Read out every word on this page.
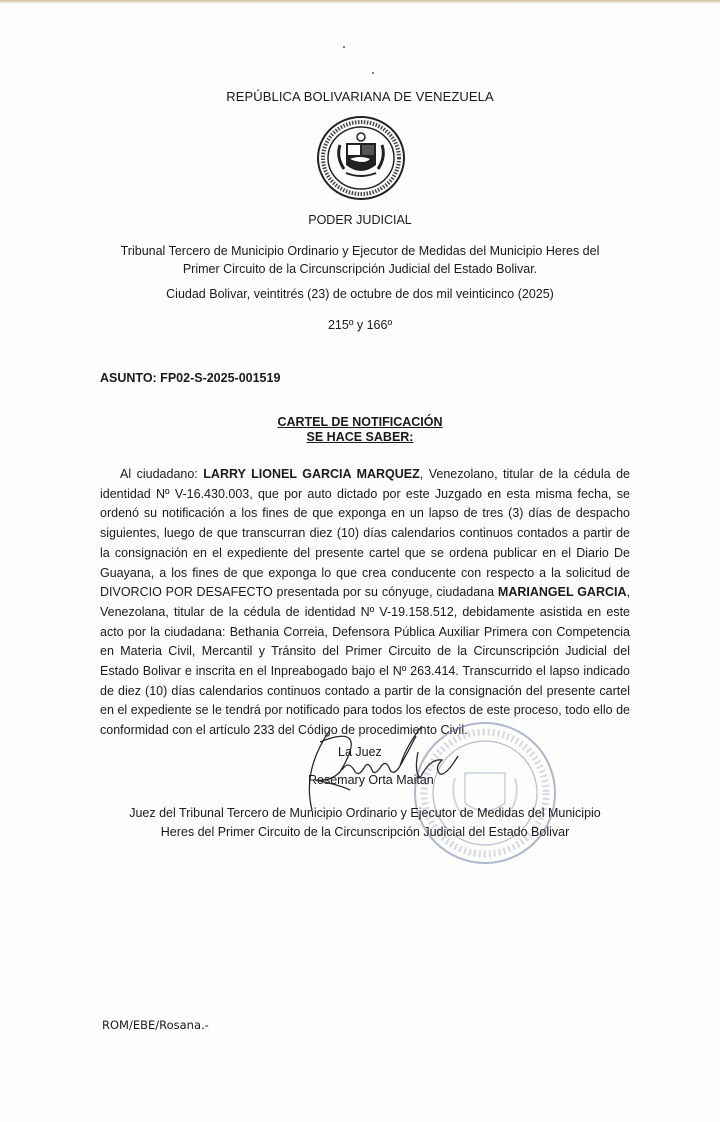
REPÚBLICA BOLIVARIANA DE VENEZUELA
PODER JUDICIAL
Tribunal Tercero de Municipio Ordinario y Ejecutor de Medidas del Municipio Heres del
Primer Circuito de la Circunscripción Judicial del Estado Bolivar.
Ciudad Bolivar, veintitrés (23) de octubre de dos mil veinticinco (2025)
215º y 166º
ASUNTO: FP02-S-2025-001519
CARTEL DE NOTIFICACIÓN
SE HACE SABER:
Al ciudadano: LARRY LIONEL GARCIA MARQUEZ, Venezolano, titular de la cédula de identidad Nº V-16.430.003, que por auto dictado por este Juzgado en esta misma fecha, se ordenó su notificación a los fines de que exponga en un lapso de tres (3) días de despacho siguientes, luego de que transcurran diez (10) días calendarios continuos contados a partir de la consignación en el expediente del presente cartel que se ordena publicar en el Diario De Guayana, a los fines de que exponga lo que crea conducente con respecto a la solicitud de DIVORCIO POR DESAFECTO presentada por su cónyuge, ciudadana MARIANGEL GARCIA, Venezolana, titular de la cédula de identidad Nº V-19.158.512, debidamente asistida en este acto por la ciudadana: Bethania Correia, Defensora Pública Auxiliar Primera con Competencia en Materia Civil, Mercantil y Tránsito del Primer Circuito de la Circunscripción Judicial del Estado Bolivar e inscrita en el Inpreabogado bajo el Nº 263.414. Transcurrido el lapso indicado de diez (10) días calendarios continuos contado a partir de la consignación del presente cartel en el expediente se le tendrá por notificado para todos los efectos de este proceso, todo ello de conformidad con el artículo 233 del Código de procedimiento Civil.
La Juez
Rosemary Orta Maitan
Juez del Tribunal Tercero de Municipio Ordinario y Ejecutor de Medidas del Municipio
Heres del Primer Circuito de la Circunscripción Judicial del Estado Bolivar
ROM/EBE/Rosana.-
